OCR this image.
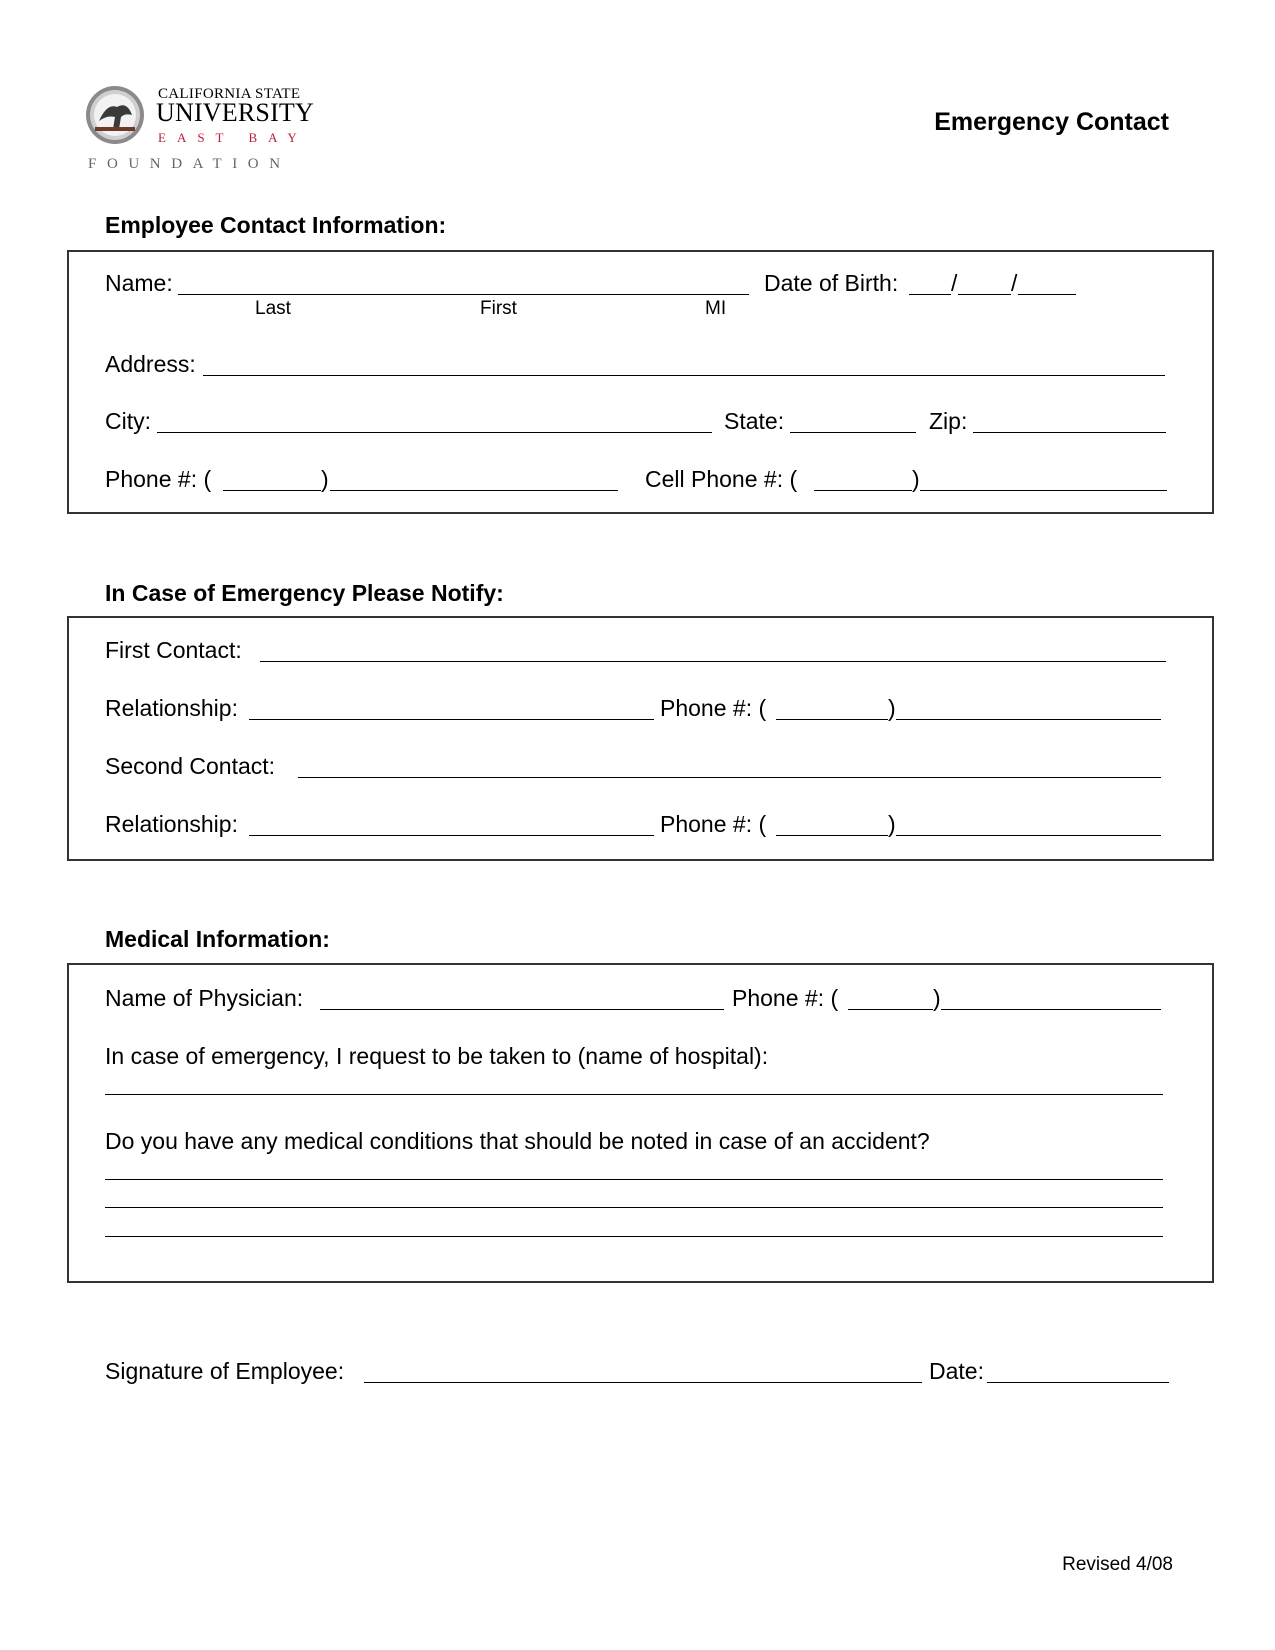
CALIFORNIA STATE
UNIVERSITY
EAST BAY
FOUNDATION
Emergency Contact
Employee Contact Information:
Name:	Date of Birth: / /
Last	First	MI
Address:
City:	State:	Zip:
Phone #: (	)	Cell Phone #: (	)
In Case of Emergency Please Notify:
First Contact:
Relationship:	Phone #: (	)
Second Contact:
Relationship:	Phone #: (	)
Medical Information:
Name of Physician:	Phone #: (	)
In case of emergency, I request to be taken to (name of hospital):
Do you have any medical conditions that should be noted in case of an accident?
Signature of Employee:	Date:
Revised 4/08
